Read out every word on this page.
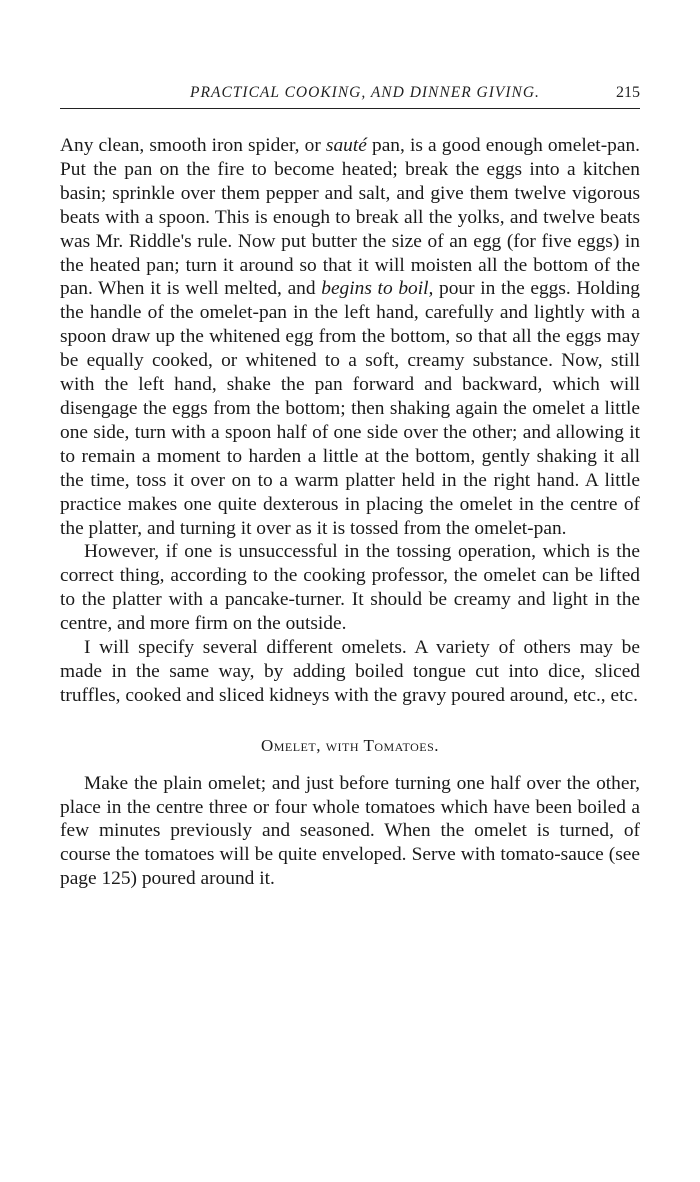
PRACTICAL COOKING, AND DINNER GIVING.	215

Any clean, smooth iron spider, or sauté pan, is a good enough omelet-pan. Put the pan on the fire to become heated; break the eggs into a kitchen basin; sprinkle over them pepper and salt, and give them twelve vigorous beats with a spoon. This is enough to break all the yolks, and twelve beats was Mr. Riddle's rule. Now put butter the size of an egg (for five eggs) in the heated pan; turn it around so that it will moisten all the bottom of the pan. When it is well melted, and begins to boil, pour in the eggs. Holding the handle of the omelet-pan in the left hand, carefully and lightly with a spoon draw up the whitened egg from the bottom, so that all the eggs may be equally cooked, or whitened to a soft, creamy substance. Now, still with the left hand, shake the pan forward and backward, which will disengage the eggs from the bottom; then shaking again the omelet a little one side, turn with a spoon half of one side over the other; and allowing it to remain a moment to harden a little at the bottom, gently shaking it all the time, toss it over on to a warm platter held in the right hand. A little practice makes one quite dexterous in placing the omelet in the centre of the platter, and turning it over as it is tossed from the omelet-pan.

However, if one is unsuccessful in the tossing operation, which is the correct thing, according to the cooking professor, the omelet can be lifted to the platter with a pancake-turner. It should be creamy and light in the centre, and more firm on the outside.

I will specify several different omelets. A variety of others may be made in the same way, by adding boiled tongue cut into dice, sliced truffles, cooked and sliced kidneys with the gravy poured around, etc., etc.

Omelet, with Tomatoes.

Make the plain omelet; and just before turning one half over the other, place in the centre three or four whole tomatoes which have been boiled a few minutes previously and seasoned. When the omelet is turned, of course the tomatoes will be quite enveloped. Serve with tomato-sauce (see page 125) poured around it.
